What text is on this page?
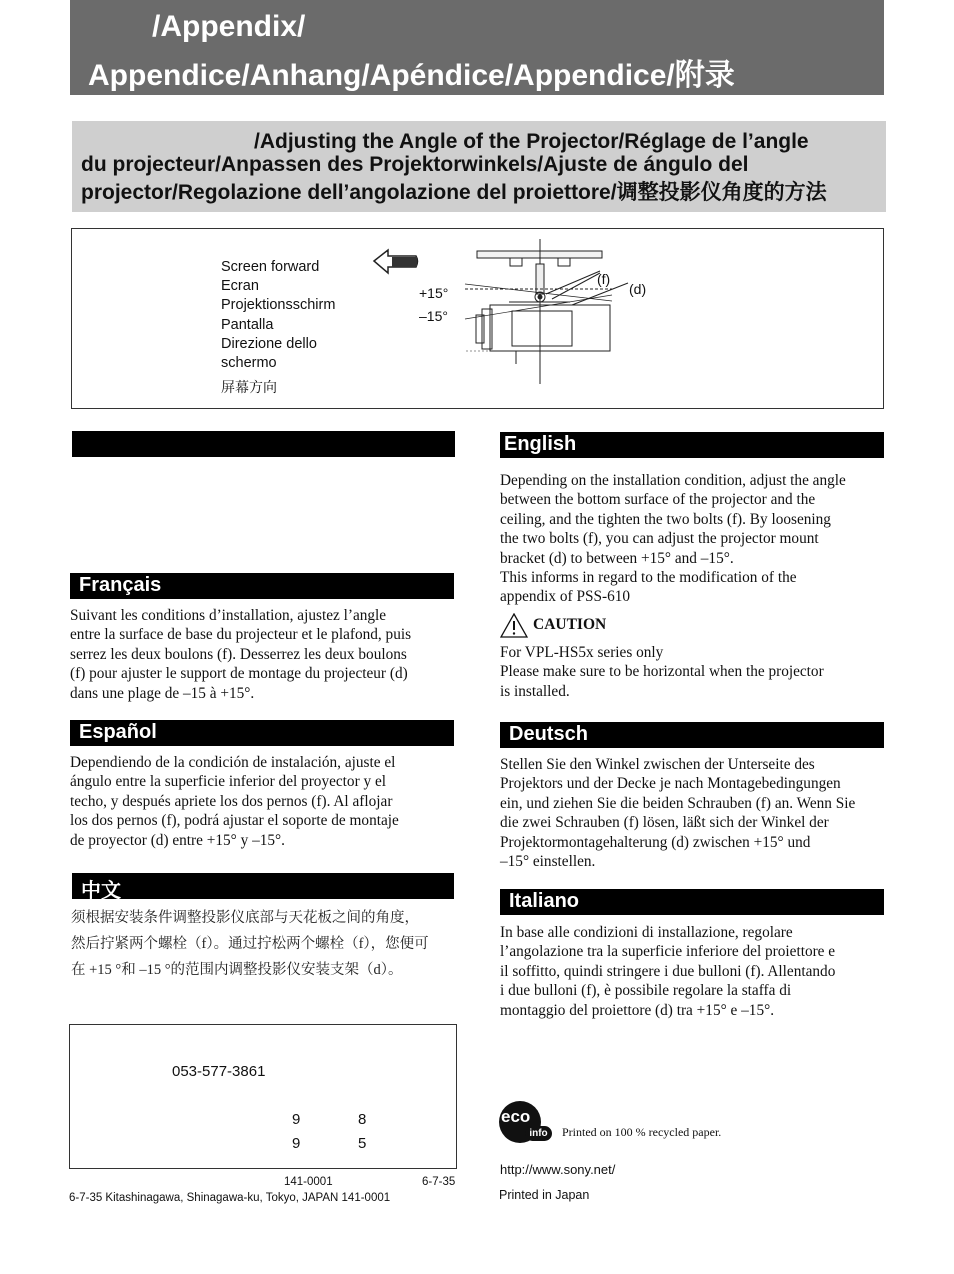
/Appendix/
Appendice/Anhang/Apéndice/Appendice/附录
/Adjusting the Angle of the Projector/Réglage de l’angle
du projecteur/Anpassen des Projektorwinkels/Ajuste de ángulo del
projector/Regolazione dell’angolazione del proiettore/调整投影仪角度的方法
Screen forward
Ecran
Projektionsschirm
Pantalla
Direzione dello
schermo
屏幕方向
+15°
–15°
(f)
(d)
Français

Suivant les conditions d’installation, ajustez l’angle

entre la surface de base du projecteur et le plafond, puis

serrez les deux boulons (f). Desserrez les deux boulons

(f) pour ajuster le support de montage du projecteur (d)

dans une plage de –15 à +15°.

Español

Dependiendo de la condición de instalación, ajuste el

ángulo entre la superficie inferior del proyector y el

techo, y después apriete los dos pernos (f). Al aflojar

los dos pernos (f), podrá ajustar el soporte de montaje

de proyector (d) entre +15° y –15°.

中文
须根据安装条件调整投影仪底部与天花板之间的角度，
然后拧紧两个螺栓（f）。通过拧松两个螺栓（f），您便可
在 +15 °和 –15 °的范围内调整投影仪安装支架（d）。
053-577-3861
9	8
9	5
141-0001	6-7-35
6-7-35 Kitashinagawa, Shinagawa-ku, Tokyo, JAPAN 141-0001
English

Depending on the installation condition, adjust the angle

between the bottom surface of the projector and the

ceiling, and the tighten the two bolts (f). By loosening

the two bolts (f), you can adjust the projector mount

bracket (d) to between +15° and –15°.

This informs in regard to the modification of the

appendix of PSS-610

CAUTION

For VPL-HS5x series only

Please make sure to be horizontal when the projector

is installed.

Deutsch

Stellen Sie den Winkel zwischen der Unterseite des

Projektors und der Decke je nach Montagebedingungen

ein, und ziehen Sie die beiden Schrauben (f) an. Wenn Sie

die zwei Schrauben (f) lösen, läßt sich der Winkel der

Projektormontagehalterung (d) zwischen +15° und

–15° einstellen.

Italiano

In base alle condizioni di installazione, regolare

l’angolazione tra la superficie inferiore del proiettore e

il soffitto, quindi stringere i due bulloni (f). Allentando

i due bulloni (f), è possibile regolare la staffa di

montaggio del proiettore (d) tra +15° e –15°.

eco
info	Printed on 100 % recycled paper.
http://www.sony.net/
Printed in Japan
